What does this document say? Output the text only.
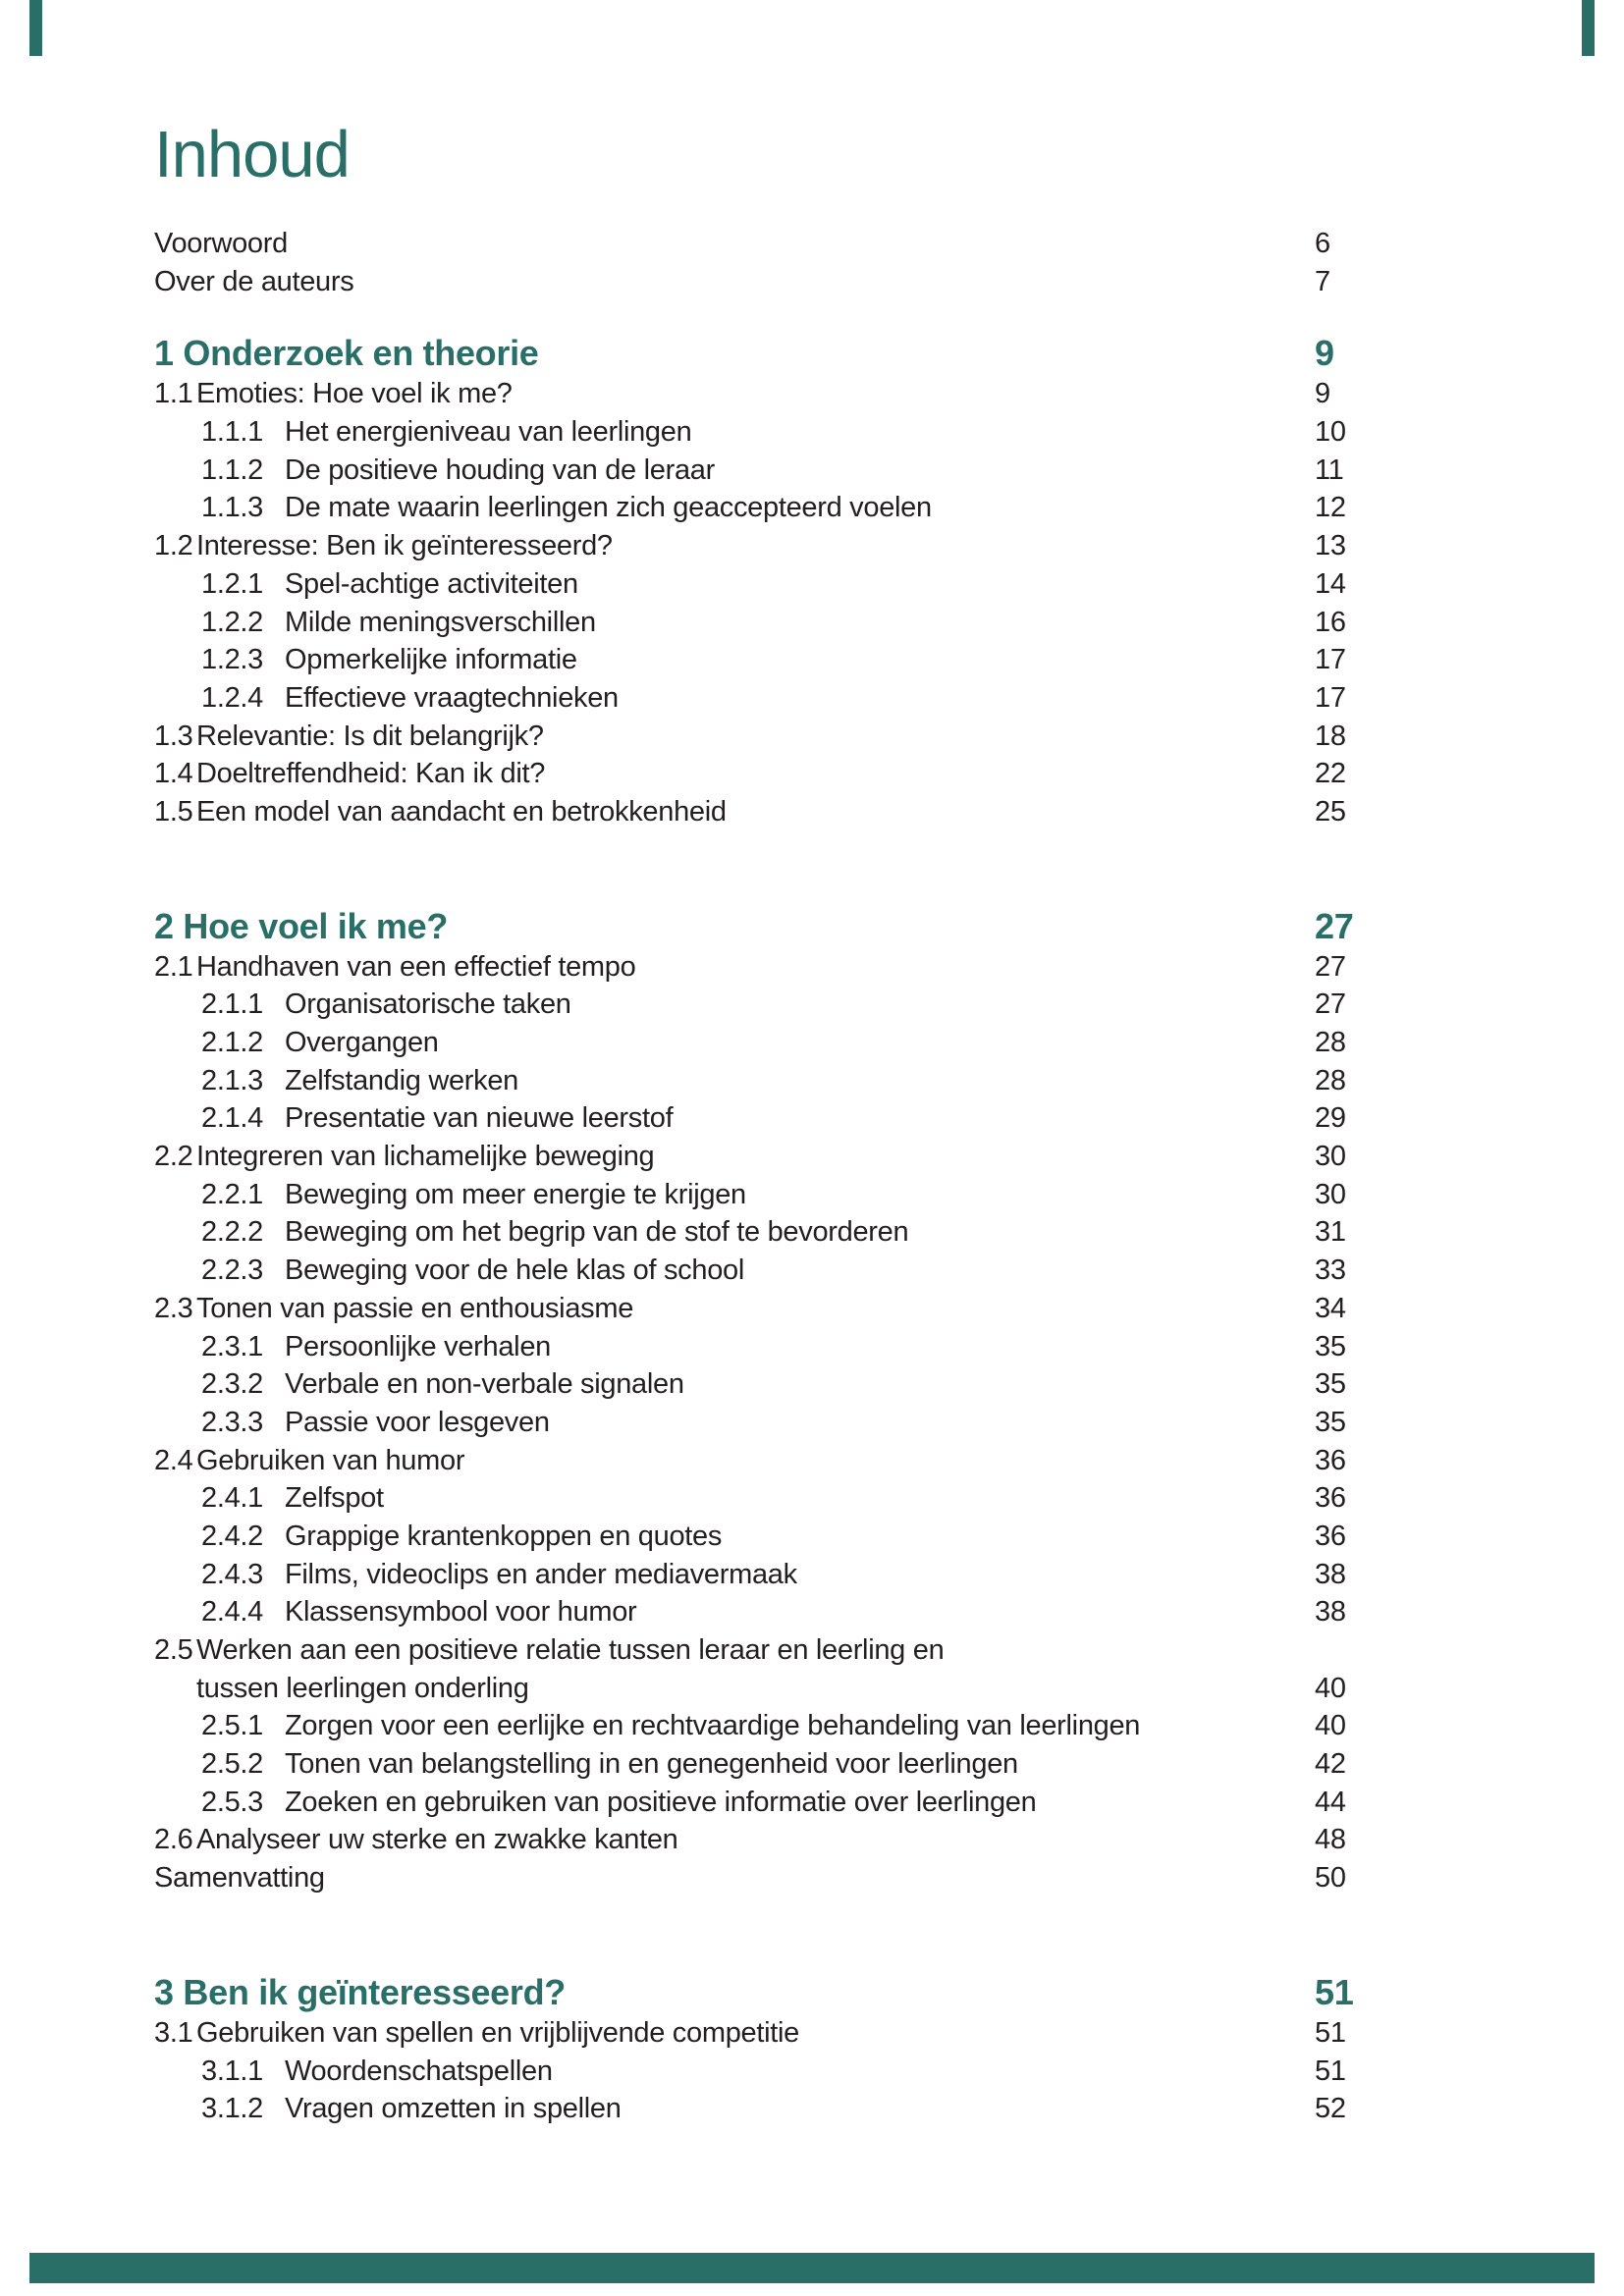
Inhoud
Voorwoord	6
Over de auteurs	7
1 Onderzoek en theorie	9
1.1 Emoties: Hoe voel ik me?	9
1.1.1 Het energieniveau van leerlingen	10
1.1.2 De positieve houding van de leraar	11
1.1.3 De mate waarin leerlingen zich geaccepteerd voelen	12
1.2 Interesse: Ben ik geïnteresseerd?	13
1.2.1 Spel-achtige activiteiten	14
1.2.2 Milde meningsverschillen	16
1.2.3 Opmerkelijke informatie	17
1.2.4 Effectieve vraagtechnieken	17
1.3 Relevantie: Is dit belangrijk?	18
1.4 Doeltreffendheid: Kan ik dit?	22
1.5 Een model van aandacht en betrokkenheid	25
2 Hoe voel ik me?	27
2.1 Handhaven van een effectief tempo	27
2.1.1 Organisatorische taken	27
2.1.2 Overgangen	28
2.1.3 Zelfstandig werken	28
2.1.4 Presentatie van nieuwe leerstof	29
2.2 Integreren van lichamelijke beweging	30
2.2.1 Beweging om meer energie te krijgen	30
2.2.2 Beweging om het begrip van de stof te bevorderen	31
2.2.3 Beweging voor de hele klas of school	33
2.3 Tonen van passie en enthousiasme	34
2.3.1 Persoonlijke verhalen	35
2.3.2 Verbale en non-verbale signalen	35
2.3.3 Passie voor lesgeven	35
2.4 Gebruiken van humor	36
2.4.1 Zelfspot	36
2.4.2 Grappige krantenkoppen en quotes	36
2.4.3 Films, videoclips en ander mediavermaak	38
2.4.4 Klassensymbool voor humor	38
2.5 Werken aan een positieve relatie tussen leraar en leerling en
tussen leerlingen onderling	40
2.5.1 Zorgen voor een eerlijke en rechtvaardige behandeling van leerlingen	40
2.5.2 Tonen van belangstelling in en genegenheid voor leerlingen	42
2.5.3 Zoeken en gebruiken van positieve informatie over leerlingen	44
2.6 Analyseer uw sterke en zwakke kanten	48
Samenvatting	50
3 Ben ik geïnteresseerd?	51
3.1 Gebruiken van spellen en vrijblijvende competitie	51
3.1.1 Woordenschatspellen	51
3.1.2 Vragen omzetten in spellen	52
